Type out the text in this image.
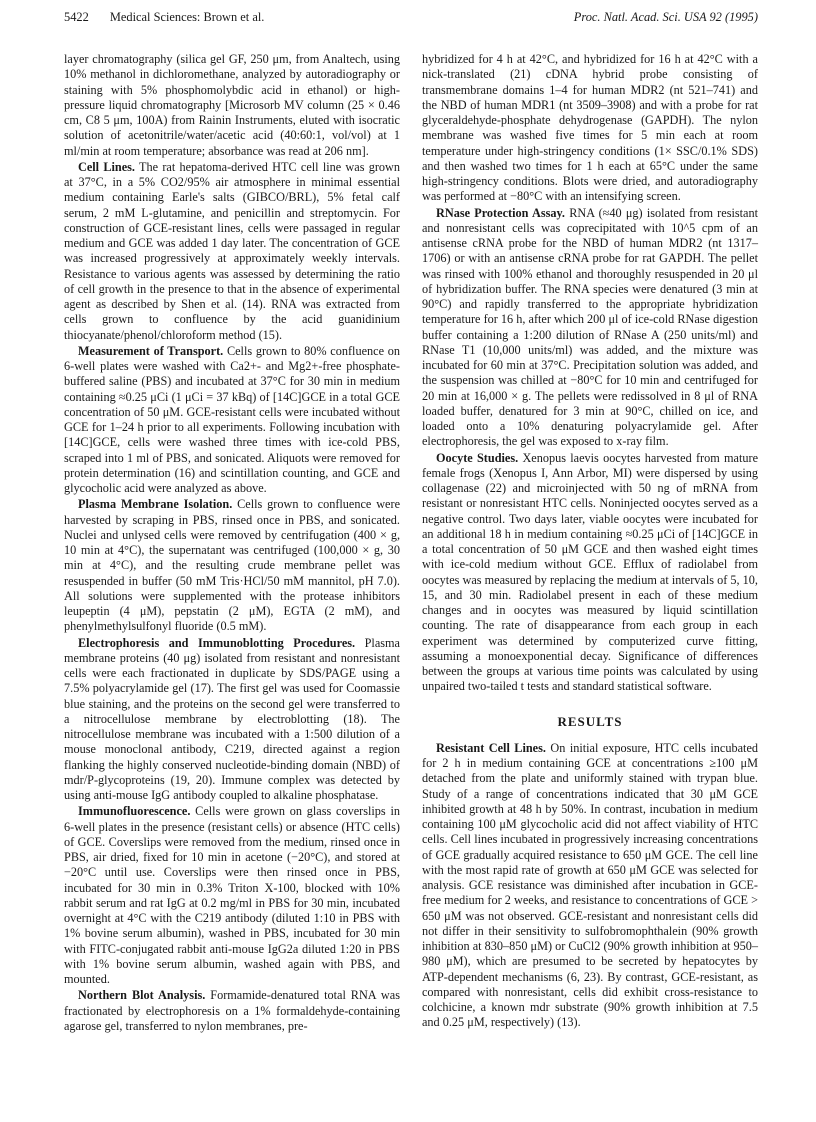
5422 Medical Sciences: Brown et al.	Proc. Natl. Acad. Sci. USA 92 (1995)

layer chromatography (silica gel GF, 250 μm, from Analtech, using 10% methanol in dichloromethane, analyzed by autoradiography or staining with 5% phosphomolybdic acid in ethanol) or high-pressure liquid chromatography [Microsorb MV column (25 × 0.46 cm, C8 5 μm, 100A) from Rainin Instruments, eluted with isocratic solution of acetonitrile/water/acetic acid (40:60:1, vol/vol) at 1 ml/min at room temperature; absorbance was read at 206 nm].

Cell Lines. The rat hepatoma-derived HTC cell line was grown at 37°C, in a 5% CO2/95% air atmosphere in minimal essential medium containing Earle's salts (GIBCO/BRL), 5% fetal calf serum, 2 mM L-glutamine, and penicillin and streptomycin. For construction of GCE-resistant lines, cells were passaged in regular medium and GCE was added 1 day later. The concentration of GCE was increased progressively at approximately weekly intervals. Resistance to various agents was assessed by determining the ratio of cell growth in the presence to that in the absence of experimental agent as described by Shen et al. (14). RNA was extracted from cells grown to confluence by the acid guanidinium thiocyanate/phenol/chloroform method (15).

Measurement of Transport. Cells grown to 80% confluence on 6-well plates were washed with Ca2+- and Mg2+-free phosphate-buffered saline (PBS) and incubated at 37°C for 30 min in medium containing ≈0.25 μCi (1 μCi = 37 kBq) of [14C]GCE in a total GCE concentration of 50 μM. GCE-resistant cells were incubated without GCE for 1–24 h prior to all experiments. Following incubation with [14C]GCE, cells were washed three times with ice-cold PBS, scraped into 1 ml of PBS, and sonicated. Aliquots were removed for protein determination (16) and scintillation counting, and GCE and glycocholic acid were analyzed as above.

Plasma Membrane Isolation. Cells grown to confluence were harvested by scraping in PBS, rinsed once in PBS, and sonicated. Nuclei and unlysed cells were removed by centrifugation (400 × g, 10 min at 4°C), the supernatant was centrifuged (100,000 × g, 30 min at 4°C), and the resulting crude membrane pellet was resuspended in buffer (50 mM Tris·HCl/50 mM mannitol, pH 7.0). All solutions were supplemented with the protease inhibitors leupeptin (4 μM), pepstatin (2 μM), EGTA (2 mM), and phenylmethylsulfonyl fluoride (0.5 mM).

Electrophoresis and Immunoblotting Procedures. Plasma membrane proteins (40 μg) isolated from resistant and nonresistant cells were each fractionated in duplicate by SDS/PAGE using a 7.5% polyacrylamide gel (17). The first gel was used for Coomassie blue staining, and the proteins on the second gel were transferred to a nitrocellulose membrane by electroblotting (18). The nitrocellulose membrane was incubated with a 1:500 dilution of a mouse monoclonal antibody, C219, directed against a region flanking the highly conserved nucleotide-binding domain (NBD) of mdr/P-glycoproteins (19, 20). Immune complex was detected by using anti-mouse IgG antibody coupled to alkaline phosphatase.

Immunofluorescence. Cells were grown on glass coverslips in 6-well plates in the presence (resistant cells) or absence (HTC cells) of GCE. Coverslips were removed from the medium, rinsed once in PBS, air dried, fixed for 10 min in acetone (−20°C), and stored at −20°C until use. Coverslips were then rinsed once in PBS, incubated for 30 min in 0.3% Triton X-100, blocked with 10% rabbit serum and rat IgG at 0.2 mg/ml in PBS for 30 min, incubated overnight at 4°C with the C219 antibody (diluted 1:10 in PBS with 1% bovine serum albumin), washed in PBS, incubated for 30 min with FITC-conjugated rabbit anti-mouse IgG2a diluted 1:20 in PBS with 1% bovine serum albumin, washed again with PBS, and mounted.

Northern Blot Analysis. Formamide-denatured total RNA was fractionated by electrophoresis on a 1% formaldehyde-containing agarose gel, transferred to nylon membranes, pre-

hybridized for 4 h at 42°C, and hybridized for 16 h at 42°C with a nick-translated (21) cDNA hybrid probe consisting of transmembrane domains 1–4 for human MDR2 (nt 521–741) and the NBD of human MDR1 (nt 3509–3908) and with a probe for rat glyceraldehyde-phosphate dehydrogenase (GAPDH). The nylon membrane was washed five times for 5 min each at room temperature under high-stringency conditions (1× SSC/0.1% SDS) and then washed two times for 1 h each at 65°C under the same high-stringency conditions. Blots were dried, and autoradiography was performed at −80°C with an intensifying screen.

RNase Protection Assay. RNA (≈40 μg) isolated from resistant and nonresistant cells was coprecipitated with 10^5 cpm of an antisense cRNA probe for the NBD of human MDR2 (nt 1317–1706) or with an antisense cRNA probe for rat GAPDH. The pellet was rinsed with 100% ethanol and thoroughly resuspended in 20 μl of hybridization buffer. The RNA species were denatured (3 min at 90°C) and rapidly transferred to the appropriate hybridization temperature for 16 h, after which 200 μl of ice-cold RNase digestion buffer containing a 1:200 dilution of RNase A (250 units/ml) and RNase T1 (10,000 units/ml) was added, and the mixture was incubated for 60 min at 37°C. Precipitation solution was added, and the suspension was chilled at −80°C for 10 min and centrifuged for 20 min at 16,000 × g. The pellets were redissolved in 8 μl of RNA loaded buffer, denatured for 3 min at 90°C, chilled on ice, and loaded onto a 10% denaturing polyacrylamide gel. After electrophoresis, the gel was exposed to x-ray film.

Oocyte Studies. Xenopus laevis oocytes harvested from mature female frogs (Xenopus I, Ann Arbor, MI) were dispersed by using collagenase (22) and microinjected with 50 ng of mRNA from resistant or nonresistant HTC cells. Noninjected oocytes served as a negative control. Two days later, viable oocytes were incubated for an additional 18 h in medium containing ≈0.25 μCi of [14C]GCE in a total concentration of 50 μM GCE and then washed eight times with ice-cold medium without GCE. Efflux of radiolabel from oocytes was measured by replacing the medium at intervals of 5, 10, 15, and 30 min. Radiolabel present in each of these medium changes and in oocytes was measured by liquid scintillation counting. The rate of disappearance from each group in each experiment was determined by computerized curve fitting, assuming a monoexponential decay. Significance of differences between the groups at various time points was calculated by using unpaired two-tailed t tests and standard statistical software.

RESULTS

Resistant Cell Lines. On initial exposure, HTC cells incubated for 2 h in medium containing GCE at concentrations ≥100 μM detached from the plate and uniformly stained with trypan blue. Study of a range of concentrations indicated that 30 μM GCE inhibited growth at 48 h by 50%. In contrast, incubation in medium containing 100 μM glycocholic acid did not affect viability of HTC cells. Cell lines incubated in progressively increasing concentrations of GCE gradually acquired resistance to 650 μM GCE. The cell line with the most rapid rate of growth at 650 μM GCE was selected for analysis. GCE resistance was diminished after incubation in GCE-free medium for 2 weeks, and resistance to concentrations of GCE > 650 μM was not observed. GCE-resistant and nonresistant cells did not differ in their sensitivity to sulfobromophthalein (90% growth inhibition at 830–850 μM) or CuCl2 (90% growth inhibition at 950–980 μM), which are presumed to be secreted by hepatocytes by ATP-dependent mechanisms (6, 23). By contrast, GCE-resistant, as compared with nonresistant, cells did exhibit cross-resistance to colchicine, a known mdr substrate (90% growth inhibition at 7.5 and 0.25 μM, respectively) (13).
